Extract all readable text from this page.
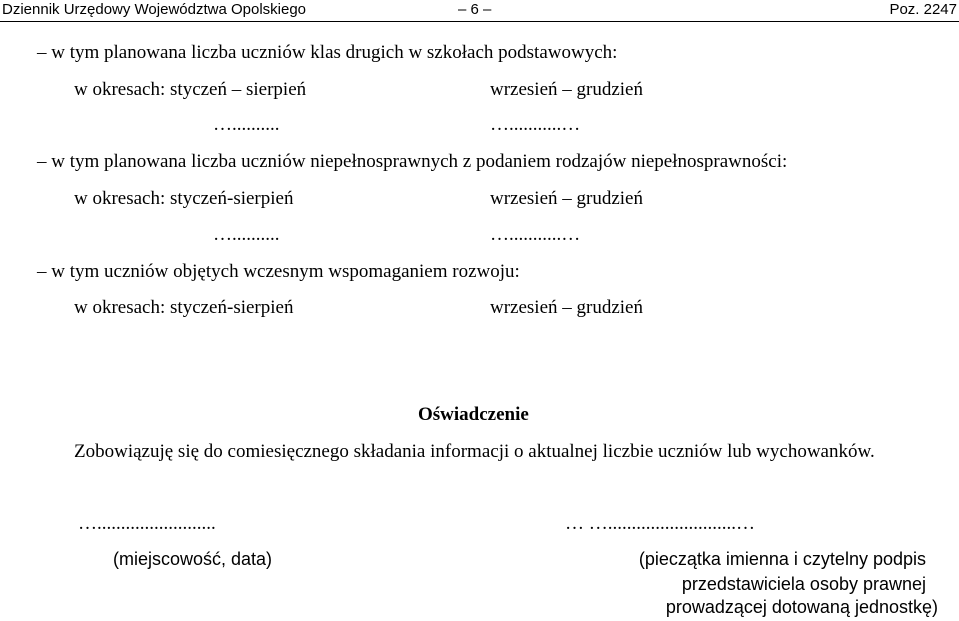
Dziennik Urzędowy Województwa Opolskiego	– 6 –	Poz. 2247
– w tym planowana liczba uczniów klas drugich w szkołach podstawowych:
w okresach: styczeń – sierpień	wrzesień – grudzień
…..........	…...........…
– w tym planowana liczba uczniów niepełnosprawnych z podaniem rodzajów niepełnosprawności:
w okresach: styczeń-sierpień	wrzesień – grudzień
…..........	…...........…
– w tym uczniów objętych wczesnym wspomaganiem rozwoju:
w okresach: styczeń-sierpień	wrzesień – grudzień
Oświadczenie
Zobowiązuję się do comiesięcznego składania informacji o aktualnej liczbie uczniów lub wychowanków.
….........................
(miejscowość, data)
… …...........................…
(pieczątka imienna i czytelny podpis
przedstawiciela osoby prawnej
prowadzącej dotowaną jednostkę)
